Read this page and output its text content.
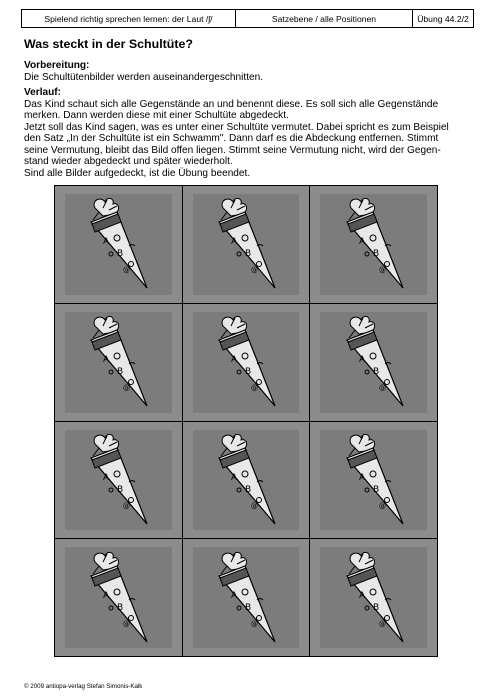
Spielend richtig sprechen lernen: der Laut /ʃ/	Satzebene / alle Positionen	Übung 44.2/2
Was steckt in der Schultüte?
Vorbereitung:

Die Schultütenbilder werden auseinandergeschnitten.

Verlauf:

Das Kind schaut sich alle Gegenstände an und benennt diese. Es soll sich alle Gegenstände

merken. Dann werden diese mit einer Schultüte abgedeckt.

Jetzt soll das Kind sagen, was es unter einer Schultüte vermutet. Dabei spricht es zum Beispiel

den Satz „In der Schultüte ist ein Schwamm". Dann darf es die Abdeckung entfernen. Stimmt

seine Vermutung, bleibt das Bild offen liegen. Stimmt seine Vermutung nicht, wird der Gegen-

stand wieder abgedeckt und später wiederholt.

Sind alle Bilder aufgedeckt, ist die Übung beendet.

A
B
@
A
B
@
A
B
@
A
B
@
A
B
@
A
B
@
A
B
@
A
B
@
A
B
@
A
B
@
A
B
@
A
B
@
© 2009 antiopa-verlag Stefan Simonis-Kalk
